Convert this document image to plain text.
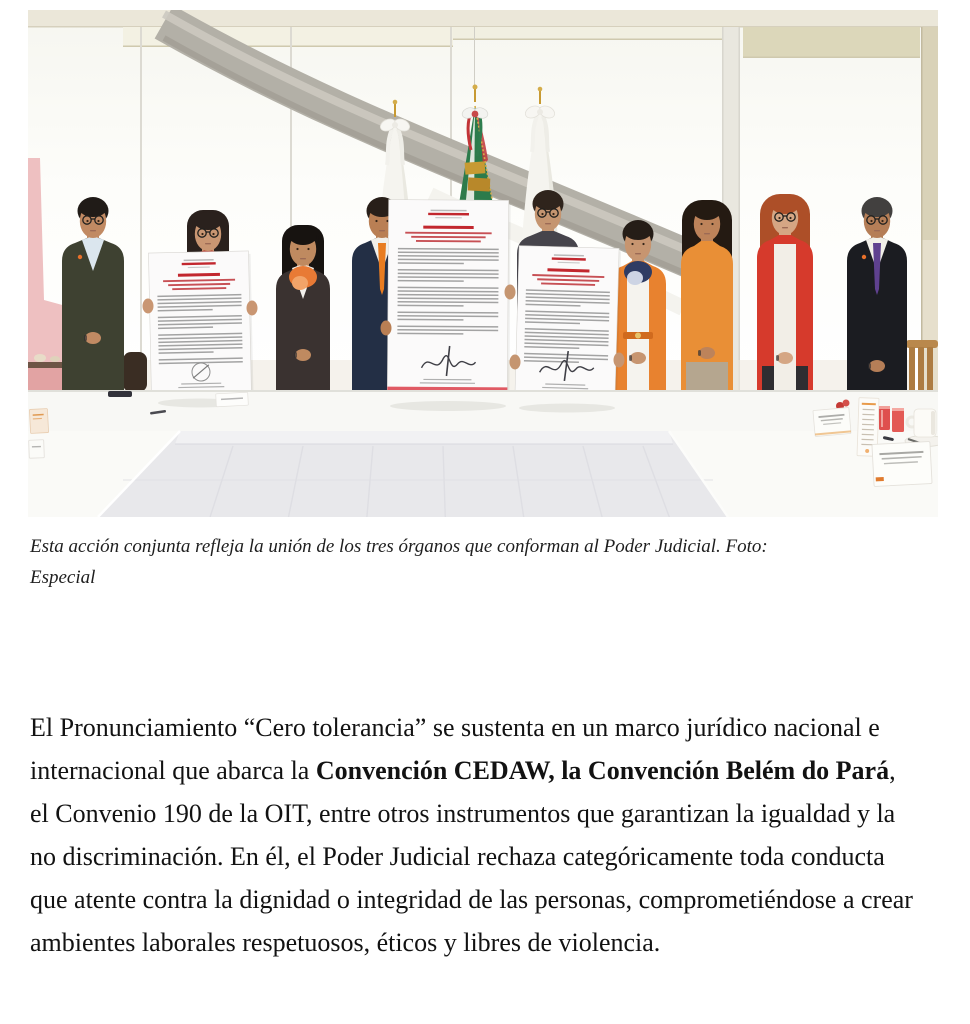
Esta acción conjunta refleja la unión de los tres órganos que conforman al Poder Judicial. Foto:
Especial

El Pronunciamiento “Cero tolerancia” se sustenta en un marco jurídico nacional e internacional que abarca la Convención CEDAW, la Convención Belém do Pará, el Convenio 190 de la OIT, entre otros instrumentos que garantizan la igualdad y la no discriminación. En él, el Poder Judicial rechaza categóricamente toda conducta que atente contra la dignidad o integridad de las personas, comprometiéndose a crear ambientes laborales respetuosos, éticos y libres de violencia.
